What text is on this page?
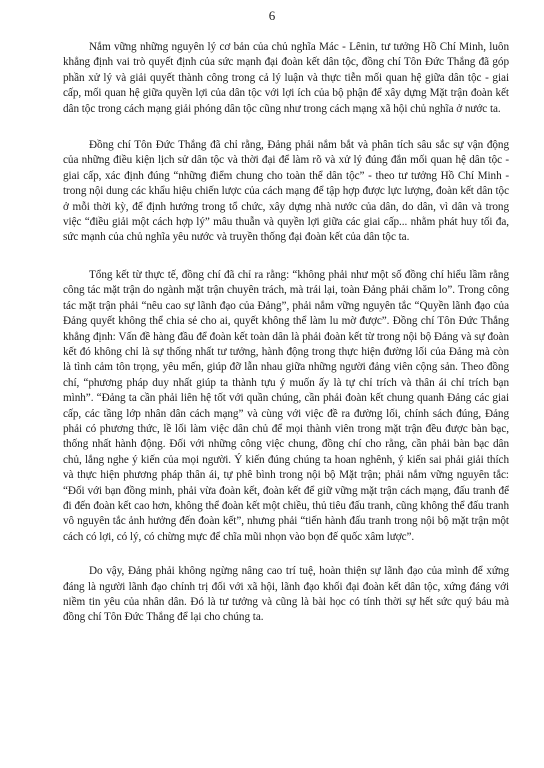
6

Nắm vững những nguyên lý cơ bản của chủ nghĩa Mác - Lênin, tư tưởng Hồ Chí Minh, luôn khẳng định vai trò quyết định của sức mạnh đại đoàn kết dân tộc, đồng chí Tôn Đức Thắng đã góp phần xử lý và giải quyết thành công trong cả lý luận và thực tiễn mối quan hệ giữa dân tộc - giai cấp, mối quan hệ giữa quyền lợi của dân tộc với lợi ích của bộ phận để xây dựng Mặt trận đoàn kết dân tộc trong cách mạng giải phóng dân tộc cũng như trong cách mạng xã hội chủ nghĩa ở nước ta.

Đồng chí Tôn Đức Thắng đã chỉ rằng, Đảng phải nắm bắt và phân tích sâu sắc sự vận động của những điều kiện lịch sử dân tộc và thời đại để làm rõ và xử lý đúng đắn mối quan hệ dân tộc - giai cấp, xác định đúng “những điểm chung cho toàn thể dân tộc” - theo tư tưởng Hồ Chí Minh - trong nội dung các khẩu hiệu chiến lược của cách mạng để tập hợp được lực lượng, đoàn kết dân tộc ở mỗi thời kỳ, để định hướng trong tổ chức, xây dựng nhà nước của dân, do dân, vì dân và trong việc “điều giải một cách hợp lý” mâu thuẫn và quyền lợi giữa các giai cấp... nhằm phát huy tối đa, sức mạnh của chủ nghĩa yêu nước và truyền thống đại đoàn kết của dân tộc ta.

Tổng kết từ thực tế, đồng chí đã chỉ ra rằng: “không phải như một số đồng chí hiểu lầm rằng công tác mặt trận do ngành mặt trận chuyên trách, mà trái lại, toàn Đảng phải chăm lo”. Trong công tác mặt trận phải “nêu cao sự lãnh đạo của Đảng”, phải nắm vững nguyên tắc “Quyền lãnh đạo của Đảng quyết không thể chia sẻ cho ai, quyết không thể làm lu mờ được”. Đồng chí Tôn Đức Thắng khẳng định: Vấn đề hàng đầu để đoàn kết toàn dân là phải đoàn kết từ trong nội bộ Đảng và sự đoàn kết đó không chỉ là sự thống nhất tư tưởng, hành động trong thực hiện đường lối của Đảng mà còn là tình cảm tôn trọng, yêu mến, giúp đỡ lẫn nhau giữa những người đảng viên cộng sản. Theo đồng chí, “phương pháp duy nhất giúp ta thành tựu ý muốn ấy là tự chỉ trích và thân ái chỉ trích bạn mình”. “Đảng ta cần phải liên hệ tốt với quần chúng, cần phải đoàn kết chung quanh Đảng các giai cấp, các tầng lớp nhân dân cách mạng” và cùng với việc đề ra đường lối, chính sách đúng, Đảng phải có phương thức, lề lối làm việc dân chủ để mọi thành viên trong mặt trận đều được bàn bạc, thống nhất hành động. Đối với những công việc chung, đồng chí cho rằng, cần phải bàn bạc dân chủ, lắng nghe ý kiến của mọi người. Ý kiến đúng chúng ta hoan nghênh, ý kiến sai phải giải thích và thực hiện phương pháp thân ái, tự phê bình trong nội bộ Mặt trận; phải nắm vững nguyên tắc: “Đối với bạn đồng minh, phải vừa đoàn kết, đoàn kết để giữ vững mặt trận cách mạng, đấu tranh để đi đến đoàn kết cao hơn, không thể đoàn kết một chiều, thủ tiêu đấu tranh, cũng không thể đấu tranh vô nguyên tắc ảnh hưởng đến đoàn kết”, nhưng phải “tiến hành đấu tranh trong nội bộ mặt trận một cách có lợi, có lý, có chừng mực để chĩa mũi nhọn vào bọn đế quốc xâm lược”.

Do vậy, Đảng phải không ngừng nâng cao trí tuệ, hoàn thiện sự lãnh đạo của mình để xứng đáng là người lãnh đạo chính trị đối với xã hội, lãnh đạo khối đại đoàn kết dân tộc, xứng đáng với niềm tin yêu của nhân dân. Đó là tư tưởng và cũng là bài học có tính thời sự hết sức quý báu mà đồng chí Tôn Đức Thắng để lại cho chúng ta.
